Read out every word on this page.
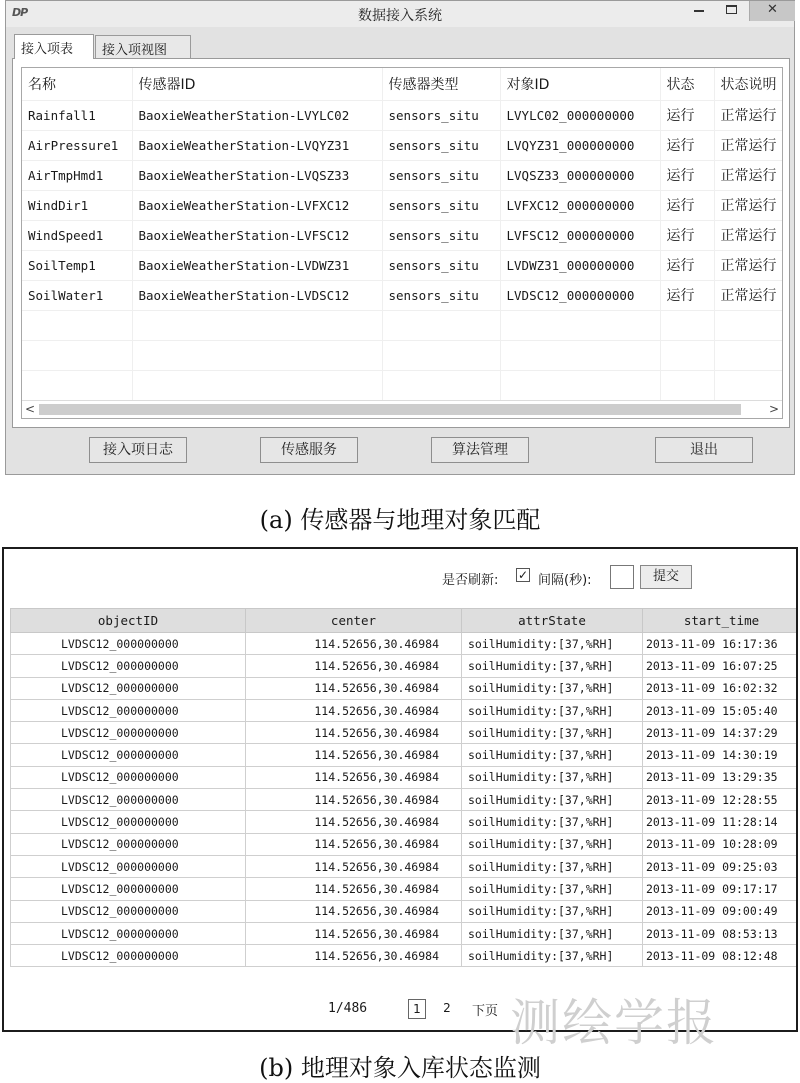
DP	数据接入系统	✕
接入项表	接入项视图
名称	传感器ID	传感器类型	对象ID	状态	状态说明
Rainfall1	BaoxieWeatherStation-LVYLC02	sensors_situ	LVYLC02_000000000	运行	正常运行
AirPressure1	BaoxieWeatherStation-LVQYZ31	sensors_situ	LVQYZ31_000000000	运行	正常运行
AirTmpHmd1	BaoxieWeatherStation-LVQSZ33	sensors_situ	LVQSZ33_000000000	运行	正常运行
WindDir1	BaoxieWeatherStation-LVFXC12	sensors_situ	LVFXC12_000000000	运行	正常运行
WindSpeed1	BaoxieWeatherStation-LVFSC12	sensors_situ	LVFSC12_000000000	运行	正常运行
SoilTemp1	BaoxieWeatherStation-LVDWZ31	sensors_situ	LVDWZ31_000000000	运行	正常运行
SoilWater1	BaoxieWeatherStation-LVDSC12	sensors_situ	LVDSC12_000000000	运行	正常运行

<	>
接入项日志	传感服务	算法管理	退出
(a) 传感器与地理对象匹配
是否刷新: ✓ 间隔(秒):	提交
objectID	center	attrState	start_time
LVDSC12_000000000	114.52656,30.46984	soilHumidity:[37,%RH]	2013-11-09 16:17:36
LVDSC12_000000000	114.52656,30.46984	soilHumidity:[37,%RH]	2013-11-09 16:07:25
LVDSC12_000000000	114.52656,30.46984	soilHumidity:[37,%RH]	2013-11-09 16:02:32
LVDSC12_000000000	114.52656,30.46984	soilHumidity:[37,%RH]	2013-11-09 15:05:40
LVDSC12_000000000	114.52656,30.46984	soilHumidity:[37,%RH]	2013-11-09 14:37:29
LVDSC12_000000000	114.52656,30.46984	soilHumidity:[37,%RH]	2013-11-09 14:30:19
LVDSC12_000000000	114.52656,30.46984	soilHumidity:[37,%RH]	2013-11-09 13:29:35
LVDSC12_000000000	114.52656,30.46984	soilHumidity:[37,%RH]	2013-11-09 12:28:55
LVDSC12_000000000	114.52656,30.46984	soilHumidity:[37,%RH]	2013-11-09 11:28:14
LVDSC12_000000000	114.52656,30.46984	soilHumidity:[37,%RH]	2013-11-09 10:28:09
LVDSC12_000000000	114.52656,30.46984	soilHumidity:[37,%RH]	2013-11-09 09:25:03
LVDSC12_000000000	114.52656,30.46984	soilHumidity:[37,%RH]	2013-11-09 09:17:17
LVDSC12_000000000	114.52656,30.46984	soilHumidity:[37,%RH]	2013-11-09 09:00:49
LVDSC12_000000000	114.52656,30.46984	soilHumidity:[37,%RH]	2013-11-09 08:53:13
LVDSC12_000000000	114.52656,30.46984	soilHumidity:[37,%RH]	2013-11-09 08:12:48
1/486	1	2	下页 测绘学报
(b) 地理对象入库状态监测
